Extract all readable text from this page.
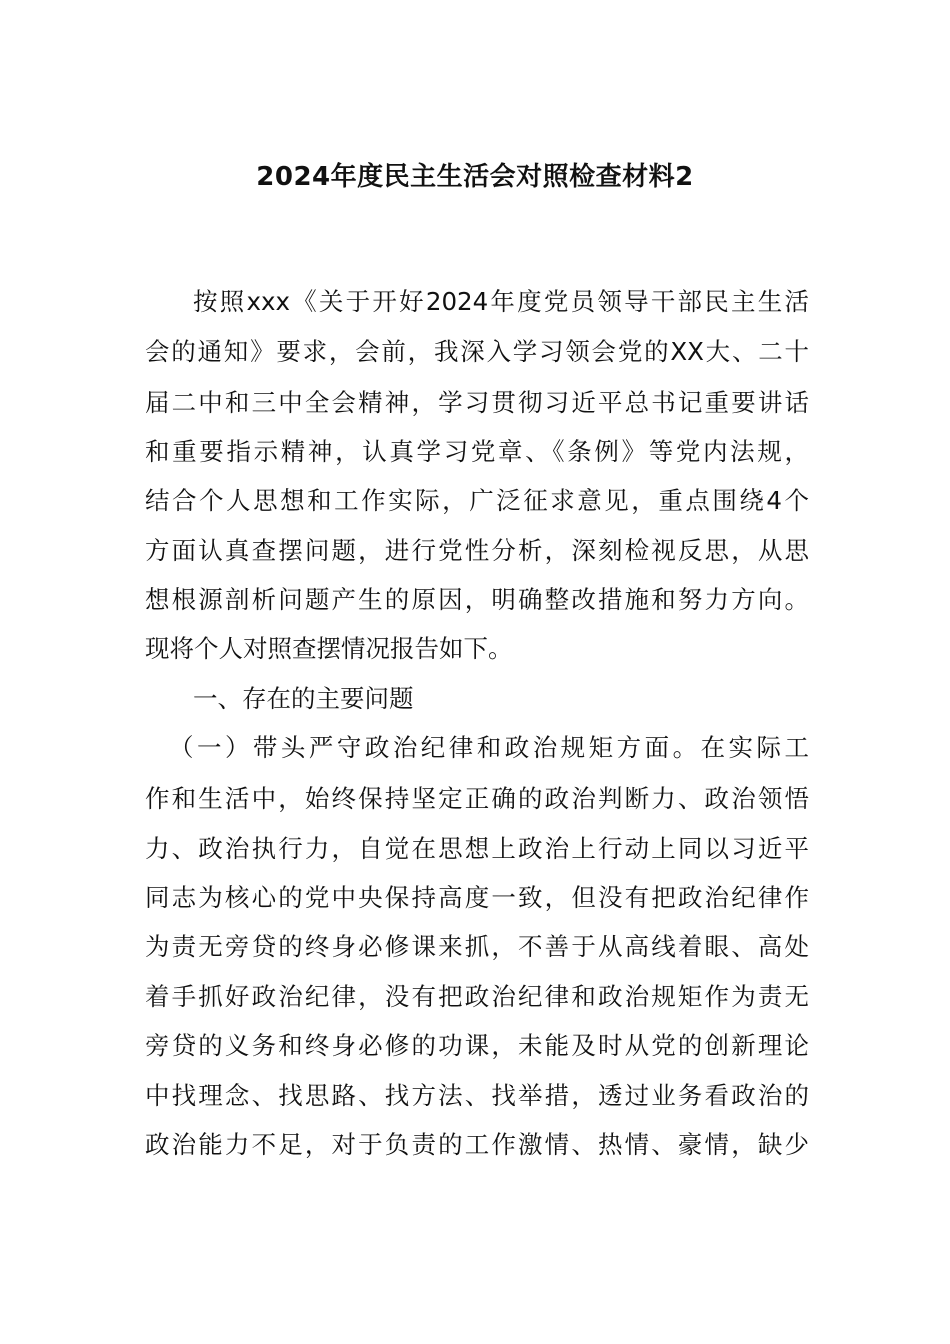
2024年度民主生活会对照检查材料2
按照xxx《关于开好2024年度党员领导干部民主生活
会的通知》要求，会前，我深入学习领会党的XX大、二十
届二中和三中全会精神，学习贯彻习近平总书记重要讲话
和重要指示精神，认真学习党章、《条例》等党内法规，
结合个人思想和工作实际，广泛征求意见，重点围绕4个
方面认真查摆问题，进行党性分析，深刻检视反思，从思
想根源剖析问题产生的原因，明确整改措施和努力方向。
现将个人对照查摆情况报告如下。
一、存在的主要问题
（一）带头严守政治纪律和政治规矩方面。在实际工
作和生活中，始终保持坚定正确的政治判断力、政治领悟
力、政治执行力，自觉在思想上政治上行动上同以习近平
同志为核心的党中央保持高度一致，但没有把政治纪律作
为责无旁贷的终身必修课来抓，不善于从高线着眼、高处
着手抓好政治纪律，没有把政治纪律和政治规矩作为责无
旁贷的义务和终身必修的功课，未能及时从党的创新理论
中找理念、找思路、找方法、找举措，透过业务看政治的
政治能力不足，对于负责的工作激情、热情、豪情，缺少
